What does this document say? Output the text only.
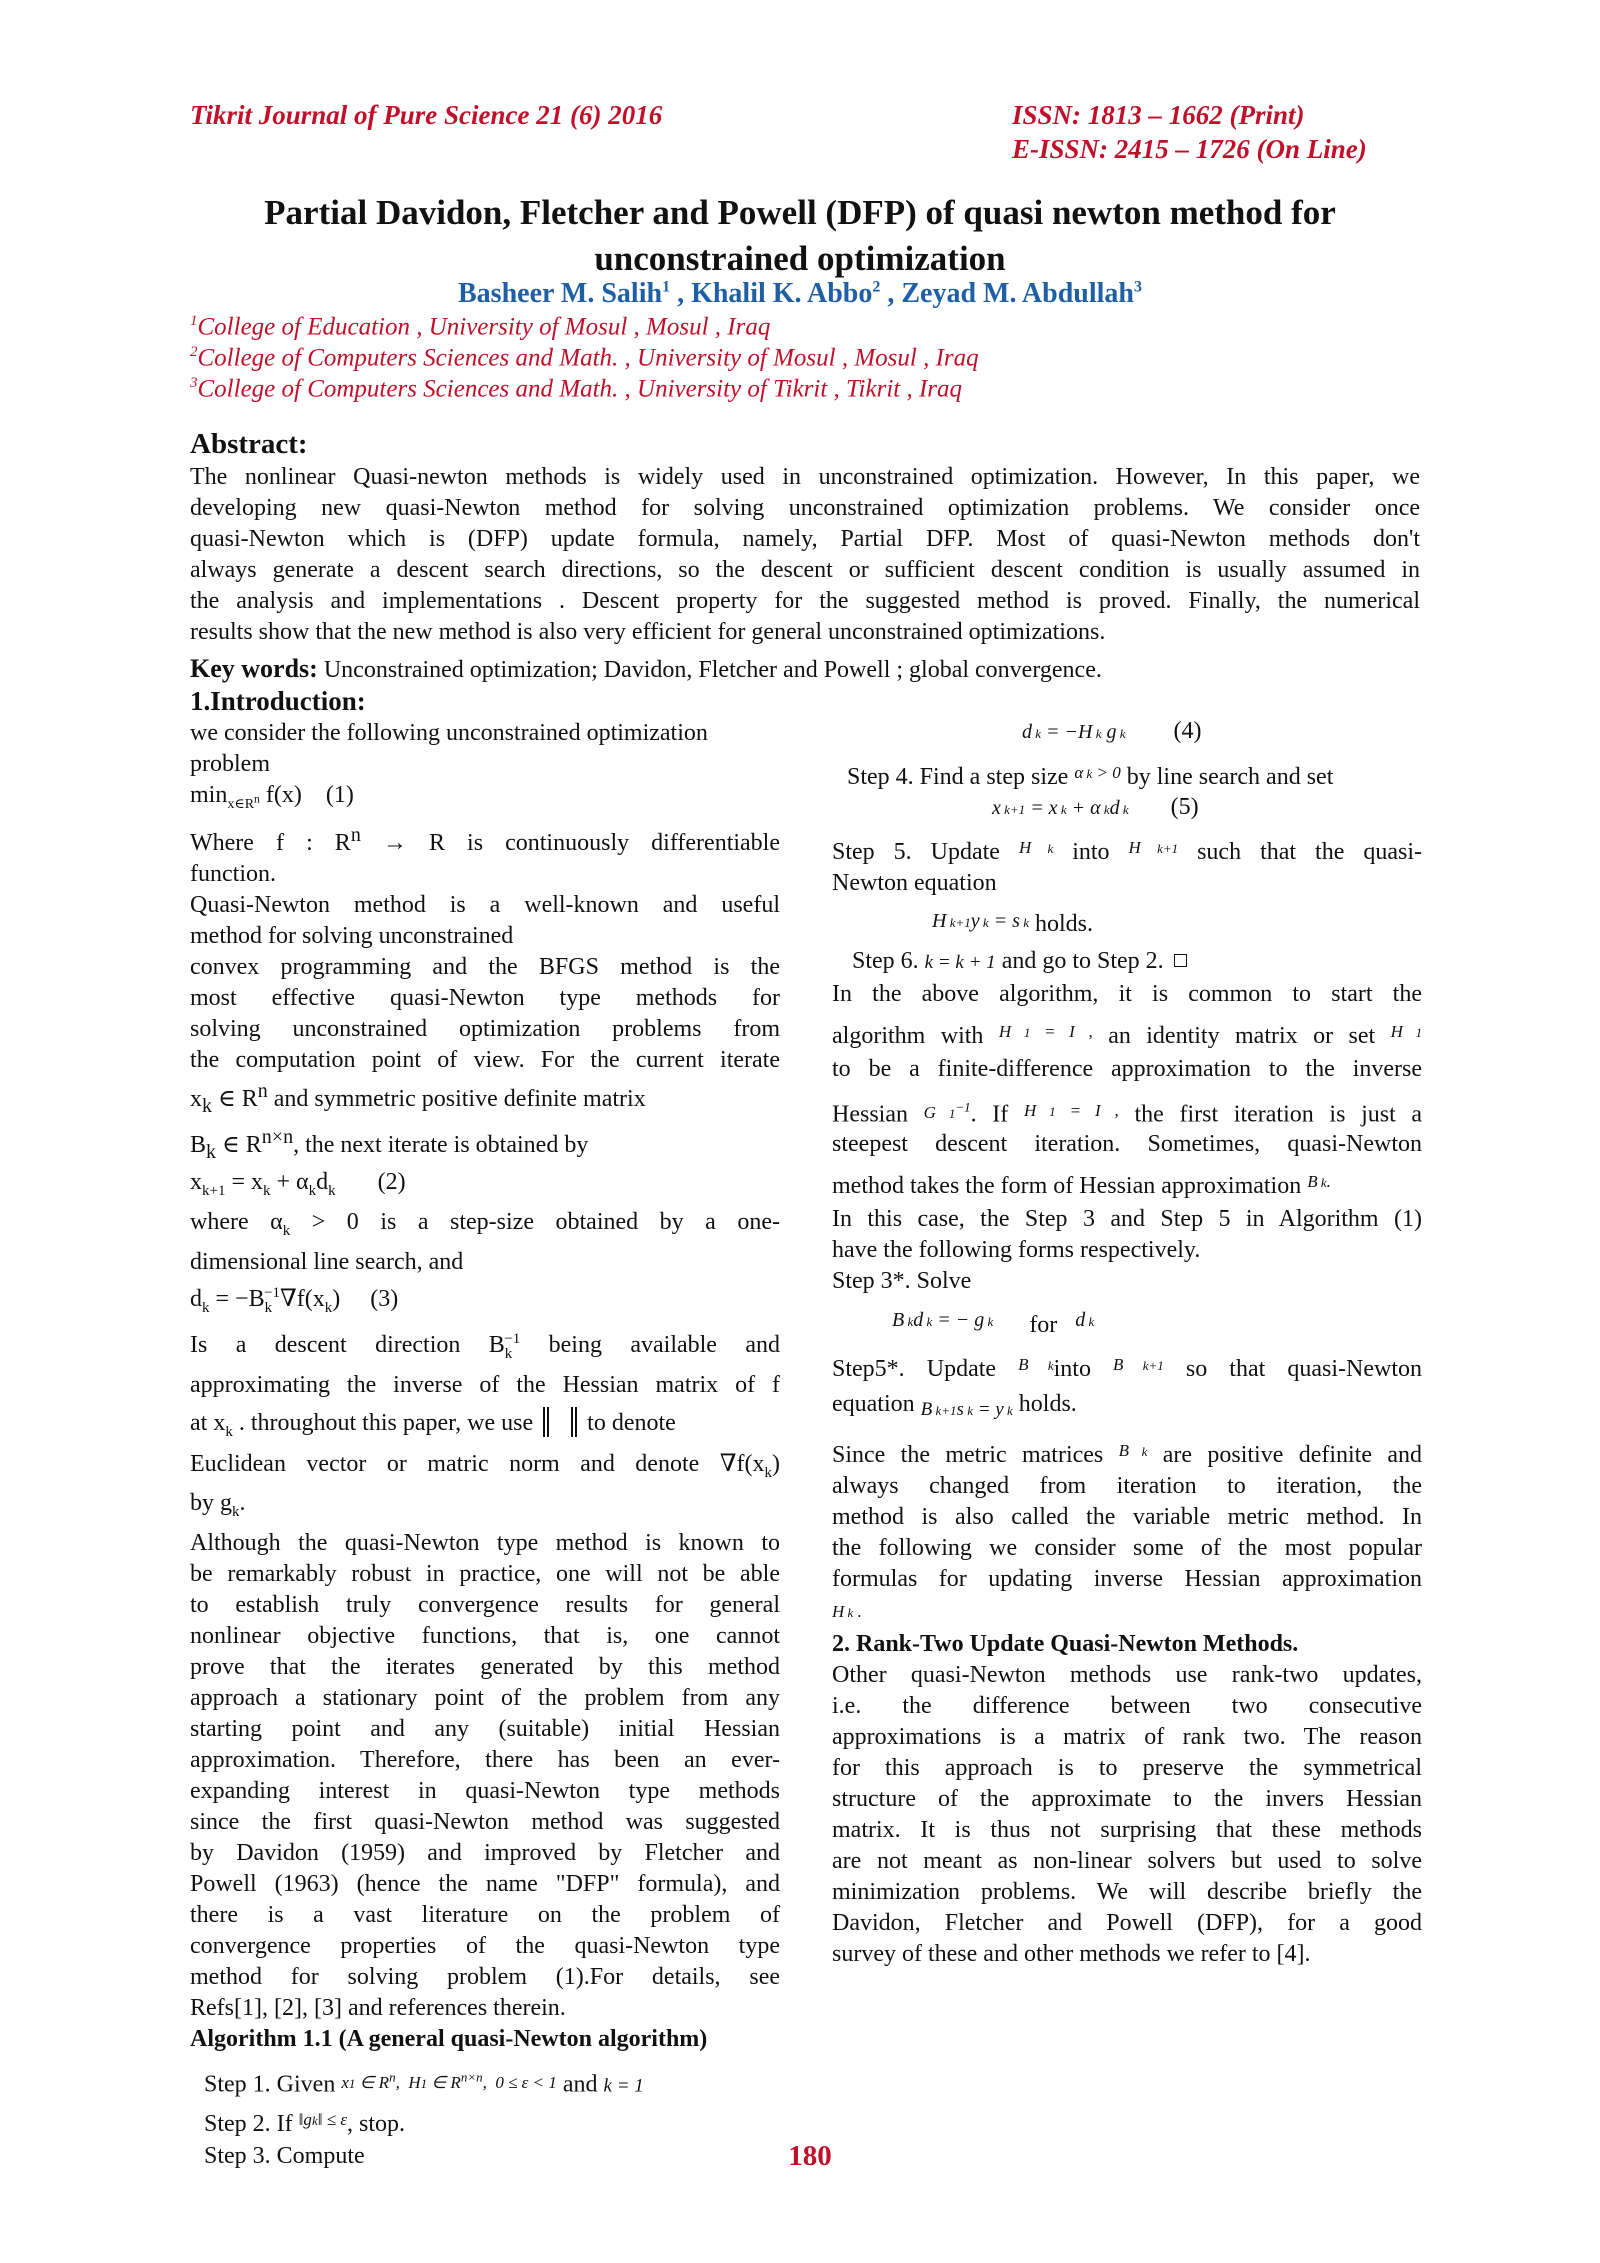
Tikrit Journal of Pure Science 21 (6) 2016	ISSN: 1813 – 1662 (Print)
E-ISSN: 2415 – 1726 (On Line)
Partial Davidon, Fletcher and Powell (DFP) of quasi newton method for
unconstrained optimization
Basheer M. Salih$^1$ , Khalil K. Abbo$^2$ , Zeyad M. Abdullah$^3$
$^1$College of Education , University of Mosul , Mosul , Iraq
$^2$College of Computers Sciences and Math. , University of Mosul , Mosul , Iraq
$^3$College of Computers Sciences and Math. , University of Tikrit , Tikrit , Iraq
Abstract:
The nonlinear Quasi-newton methods is widely used in unconstrained optimization. However, In this paper, we
developing new quasi-Newton method for solving unconstrained optimization problems. We consider once
quasi-Newton which is (DFP) update formula, namely, Partial DFP. Most of quasi-Newton methods don't
always generate a descent search directions, so the descent or sufficient descent condition is usually assumed in
the analysis and implementations . Descent property for the suggested method is proved. Finally, the numerical
results show that the new method is also very efficient for general unconstrained optimizations.
Key words: Unconstrained optimization; Davidon, Fletcher and Powell ; global convergence.
1.Introduction:
we consider the following unconstrained optimization
problem
$\min_{x\in R^n} f(x)$ (1)
Where f : $R^n \to R$ is continuously differentiable
function.
Quasi-Newton method is a well-known and useful
method for solving unconstrained
convex programming and the BFGS method is the
most effective quasi-Newton type methods for
solving unconstrained optimization problems from
the computation point of view. For the current iterate
$x_k$ ∈ $R^n$ and symmetric positive definite matrix
$B_k$ ∈ $R^{n\times n}$, the next iterate is obtained by
$x_{k+1} = x_k + \alpha_kd_k$ (2)
where $\alpha_k > 0$ is a step-size obtained by a one-
dimensional line search, and
$d_k = -B_k^{-1}\nabla f(x_k)$     (3)
Is a descent direction $B_k^{-1}$ being available and
approximating the inverse of the Hessian matrix of f
at $x_k$ . throughout this paper, we use to denote
Euclidean vector or matric norm and denote $\nabla f(x_k)$
by $g_k$.
Although the quasi-Newton type method is known to
be remarkably robust in practice, one will not be able
to establish truly convergence results for general
nonlinear objective functions, that is, one cannot
prove that the iterates generated by this method
approach a stationary point of the problem from any
starting point and any (suitable) initial Hessian
approximation. Therefore, there has been an ever-
expanding interest in quasi-Newton type methods
since the first quasi-Newton method was suggested
by Davidon (1959) and improved by Fletcher and
Powell (1963) (hence the name "DFP" formula), and
there is a vast literature on the problem of
convergence properties of the quasi-Newton type
method for solving problem (1).For details, see
Refs[1], [2], [3] and references therein.
Algorithm 1.1 (A general quasi-Newton algorithm)
Step 1. Given x1 ∈ $R^n$,  H1 ∈ $R^{n\times n}$,  0 ≤ ε < 1 and k = 1
Step 2. If $^{‖gk‖ \le \varepsilon}$, stop.
Step 3. Compute
d k = −H k g k (4)
Step 4. Find a step size $^{\alpha k > 0}$ by line search and set
x k+1 = x k + α kd k (5)
Step 5. Update $^{H k}$ into $^{H k+1}$ such that the quasi-
Newton equation
H k+1y k = s k holds.
Step 6. k = k + 1 and go to Step 2.
In the above algorithm, it is common to start the
algorithm with $^{H 1 = I ,}$ an identity matrix or set $^{H 1}$
to be a finite-difference approximation to the inverse
Hessian G $1^{-1}$. If $^{H 1 = I ,}$ the first iteration is just a
steepest descent iteration. Sometimes, quasi-Newton
method takes the form of Hessian approximation $^{B k.}$
In this case, the Step 3 and Step 5 in Algorithm (1)
have the following forms respectively.
Step 3*. Solve
$^{B kd k = - g k}$ for $^{d k}$
Step5*. Update $^{B k}$into $^{B k+1}$ so that quasi-Newton
equation B k+1s k = y k holds.
Since the metric matrices $^{B k}$ are positive definite and
always changed from iteration to iteration, the
method is also called the variable metric method. In
the following we consider some of the most popular
formulas for updating inverse Hessian approximation
H k .
2. Rank-Two Update Quasi-Newton Methods.
Other quasi-Newton methods use rank-two updates,
i.e. the difference between two consecutive
approximations is a matrix of rank two. The reason
for this approach is to preserve the symmetrical
structure of the approximate to the invers Hessian
matrix. It is thus not surprising that these methods
are not meant as non-linear solvers but used to solve
minimization problems. We will describe briefly the
Davidon, Fletcher and Powell (DFP), for a good
survey of these and other methods we refer to [4].
180
